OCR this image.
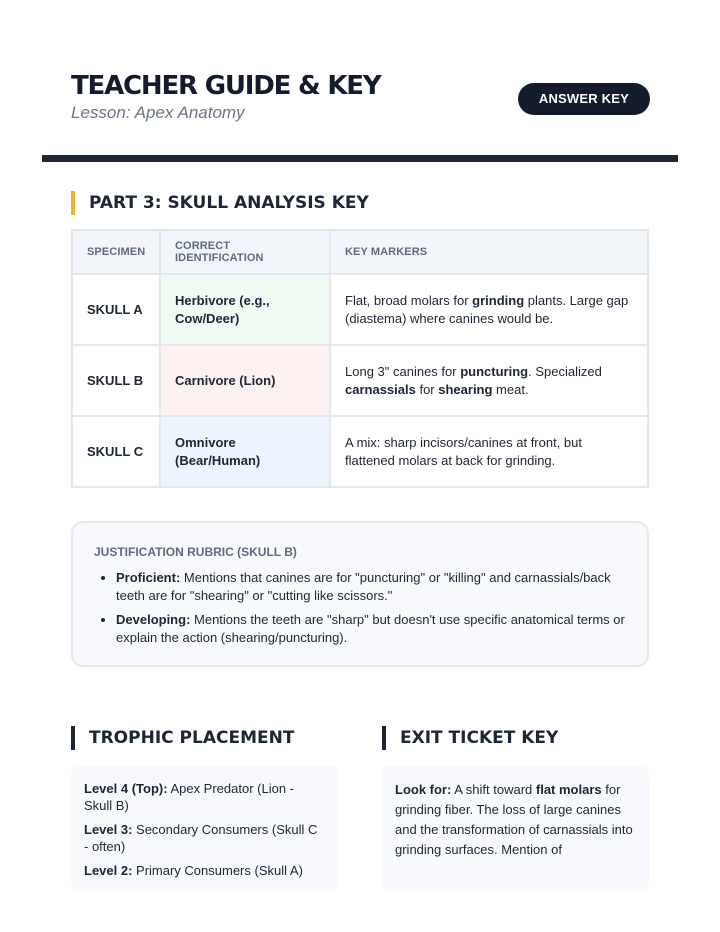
TEACHER GUIDE & KEY
Lesson: Apex Anatomy
ANSWER KEY
PART 3: SKULL ANALYSIS KEY
SPECIMEN	CORRECT IDENTIFICATION	KEY MARKERS
SKULL A	Herbivore (e.g., Cow/Deer)	Flat, broad molars for grinding plants. Large gap (diastema) where canines would be.
SKULL B	Carnivore (Lion)	Long 3" canines for puncturing. Specialized carnassials for shearing meat.
SKULL C	Omnivore (Bear/Human)	A mix: sharp incisors/canines at front, but flattened molars at back for grinding.
JUSTIFICATION RUBRIC (SKULL B)
• Proficient: Mentions that canines are for "puncturing" or "killing" and carnassials/back teeth are for "shearing" or "cutting like scissors."
• Developing: Mentions the teeth are "sharp" but doesn't use specific anatomical terms or explain the action (shearing/puncturing).
TROPHIC PLACEMENT	EXIT TICKET KEY

Level 4 (Top): Apex Predator (Lion - Skull B)

Level 3: Secondary Consumers (Skull C - often)

Level 2: Primary Consumers (Skull A)

Look for: A shift toward flat molars for grinding fiber. The loss of large canines and the transformation of carnassials into grinding surfaces. Mention of
